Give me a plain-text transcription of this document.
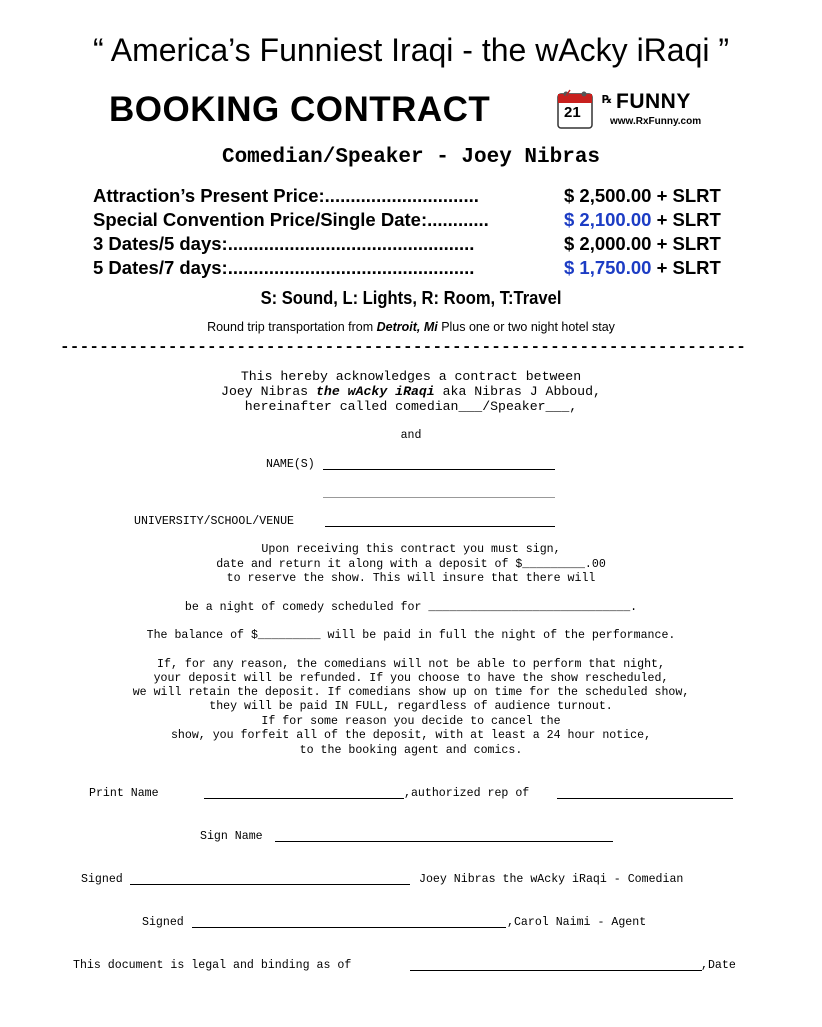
“ America’s Funniest Iraqi - the wAcky iRaqi ”
BOOKING CONTRACT	21
℞ FUNNY
www.RxFunny.com
Comedian/Speaker - Joey Nibras
Attraction’s Present Price:..............................	$ 2,500.00 + SLRT
Special Convention Price/Single Date:............	$ 2,100.00 + SLRT
3 Dates/5 days:................................................	$ 2,000.00 + SLRT
5 Dates/7 days:................................................	$ 1,750.00 + SLRT
S: Sound, L: Lights, R: Room, T:Travel
Round trip transportation from Detroit, Mi Plus one or two night hotel stay
----------------------------------------------------------------------
This hereby acknowledges a contract between
Joey Nibras the wAcky iRaqi aka Nibras J Abboud,
hereinafter called comedian___/Speaker___,
and
NAME(S)
UNIVERSITY/SCHOOL/VENUE
Upon receiving this contract you must sign,
date and return it along with a deposit of $_________.00
to reserve the show. This will insure that there will
be a night of comedy scheduled for _____________________________.
The balance of $_________ will be paid in full the night of the performance.
If, for any reason, the comedians will not be able to perform that night,
your deposit will be refunded. If you choose to have the show rescheduled,
we will retain the deposit. If comedians show up on time for the scheduled show,
they will be paid IN FULL, regardless of audience turnout.
If for some reason you decide to cancel the
show, you forfeit all of the deposit, with at least a 24 hour notice,
to the booking agent and comics.
Print Name	,authorized rep of
Sign Name
Signed	Joey Nibras the wAcky iRaqi - Comedian
Signed	,Carol Naimi - Agent
This document is legal and binding as of	,Date
